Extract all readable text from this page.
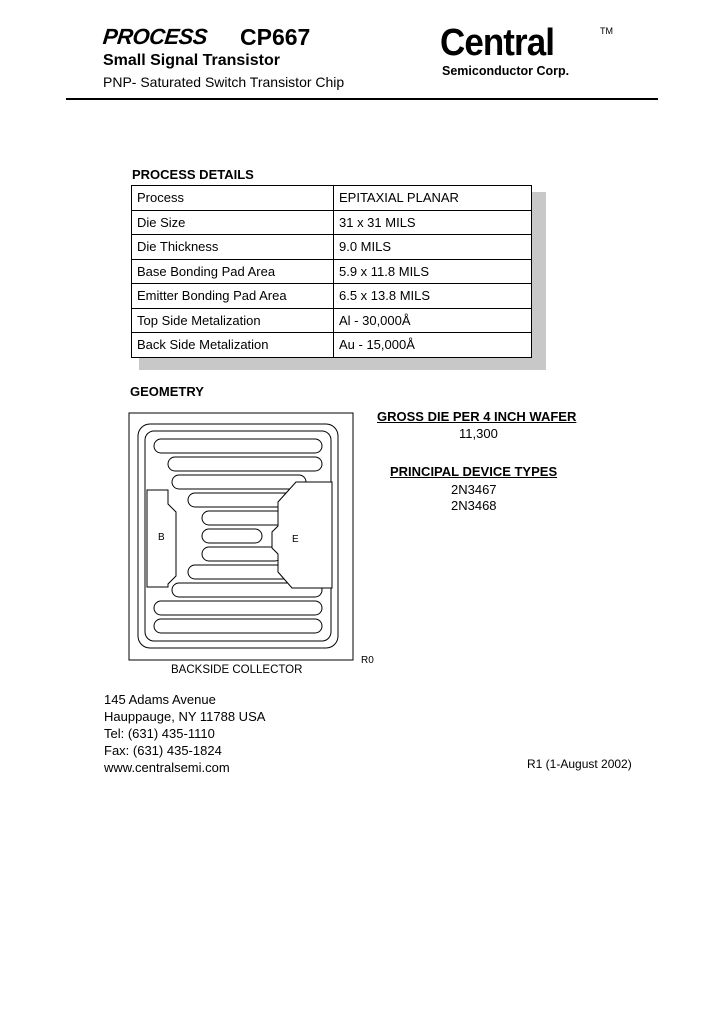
PROCESS CP667
Small Signal Transistor
PNP- Saturated Switch Transistor Chip
Central	TM
Semiconductor Corp.
PROCESS DETAILS
Process	EPITAXIAL PLANAR
Die Size	31 x 31 MILS
Die Thickness	9.0 MILS
Base Bonding Pad Area	5.9 x 11.8 MILS
Emitter Bonding Pad Area	6.5 x 13.8 MILS
Top Side Metalization	Al - 30,000Å
Back Side Metalization	Au - 15,000Å
GEOMETRY
B	E
BACKSIDE COLLECTOR
R0
GROSS DIE PER 4 INCH WAFER
11,300
PRINCIPAL DEVICE TYPES
2N3467
2N3468
145 Adams Avenue
Hauppauge, NY 11788 USA
Tel: (631) 435-1110
Fax: (631) 435-1824
www.centralsemi.com	R1 (1-August 2002)
